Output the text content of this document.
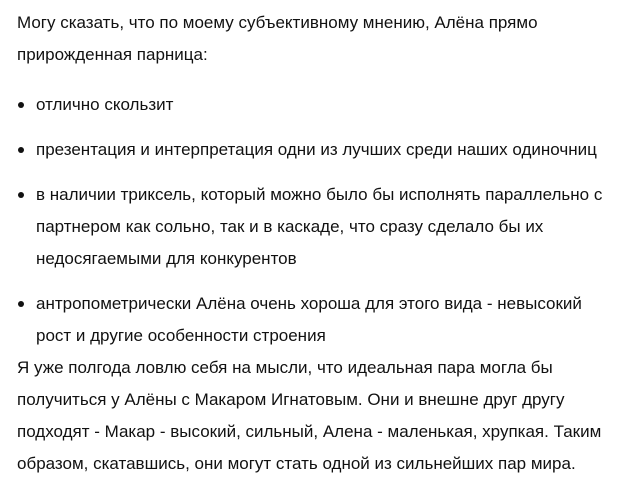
Могу сказать, что по моему субъективному мнению, Алёна прямо прирожденная парница:

отлично скользит
презентация и интерпретация одни из лучших среди наших одиночниц
в наличии триксель, который можно было бы исполнять параллельно с партнером как сольно, так и в каскаде, что сразу сделало бы их недосягаемыми для конкурентов
антропометрически Алёна очень хороша для этого вида - невысокий рост и другие особенности строения

Я уже полгода ловлю себя на мысли, что идеальная пара могла бы получиться у Алёны с Макаром Игнатовым. Они и внешне друг другу подходят - Макар - высокий, сильный, Алена - маленькая, хрупкая. Таким образом, скатавшись, они могут стать одной из сильнейших пар мира.
